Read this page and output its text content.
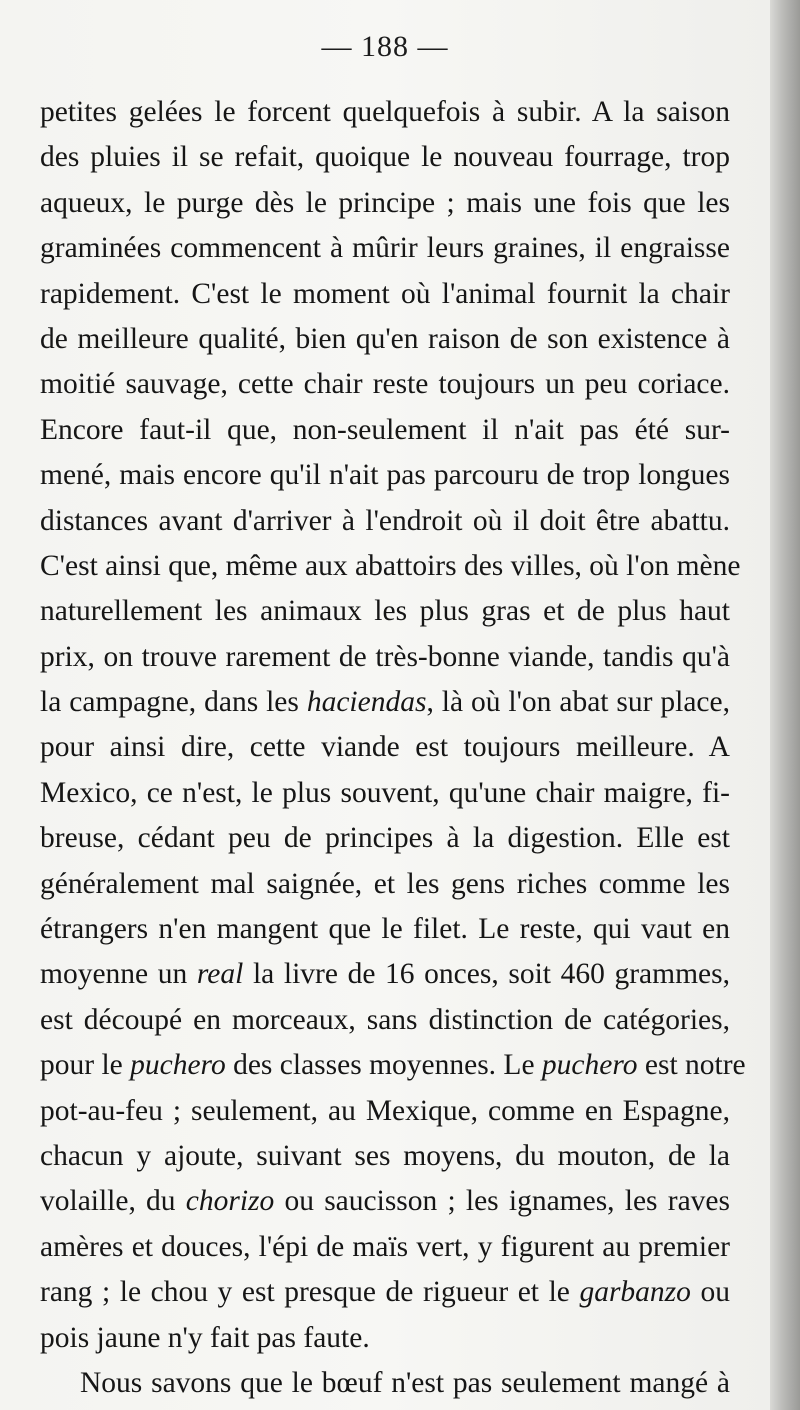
— 188 —
petites gelées le forcent quelquefois à subir. A la saison
des pluies il se refait, quoique le nouveau fourrage, trop
aqueux, le purge dès le principe ; mais une fois que les
graminées commencent à mûrir leurs graines, il engraisse
rapidement. C'est le moment où l'animal fournit la chair
de meilleure qualité, bien qu'en raison de son existence à
moitié sauvage, cette chair reste toujours un peu coriace.
Encore faut-il que, non-seulement il n'ait pas été sur-
mené, mais encore qu'il n'ait pas parcouru de trop longues
distances avant d'arriver à l'endroit où il doit être abattu.
C'est ainsi que, même aux abattoirs des villes, où l'on mène
naturellement les animaux les plus gras et de plus haut
prix, on trouve rarement de très-bonne viande, tandis qu'à
la campagne, dans les haciendas, là où l'on abat sur place,
pour ainsi dire, cette viande est toujours meilleure. A
Mexico, ce n'est, le plus souvent, qu'une chair maigre, fi-
breuse, cédant peu de principes à la digestion. Elle est
généralement mal saignée, et les gens riches comme les
étrangers n'en mangent que le filet. Le reste, qui vaut en
moyenne un real la livre de 16 onces, soit 460 grammes,
est découpé en morceaux, sans distinction de catégories,
pour le puchero des classes moyennes. Le puchero est notre
pot-au-feu ; seulement, au Mexique, comme en Espagne,
chacun y ajoute, suivant ses moyens, du mouton, de la
volaille, du chorizo ou saucisson ; les ignames, les raves
amères et douces, l'épi de maïs vert, y figurent au premier
rang ; le chou y est presque de rigueur et le garbanzo ou
pois jaune n'y fait pas faute.
Nous savons que le bœuf n'est pas seulement mangé à
